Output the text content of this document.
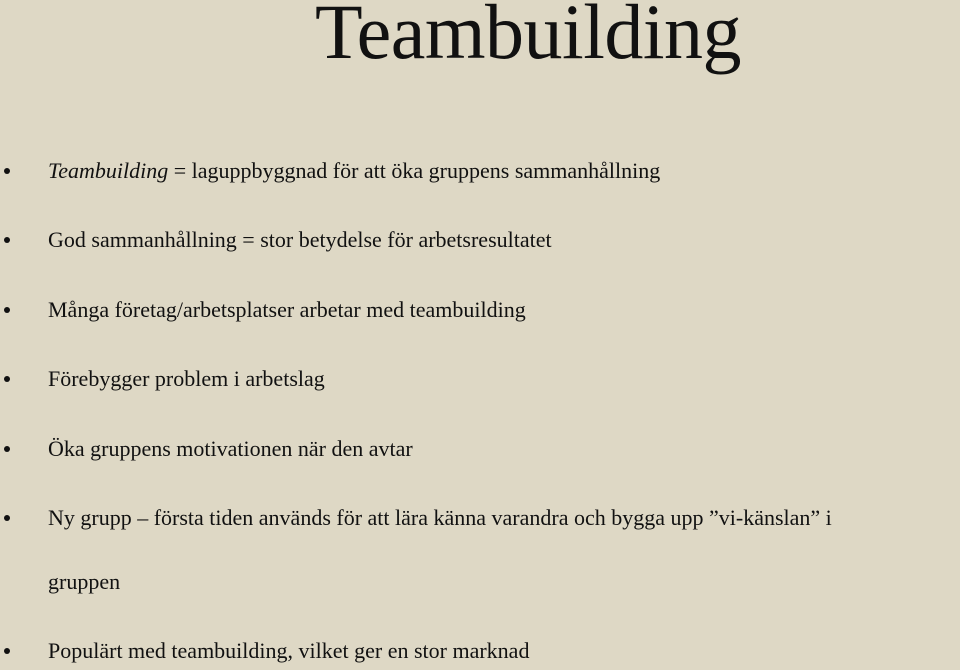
Teambuilding
Teambuilding = laguppbyggnad för att öka gruppens sammanhållning
God sammanhållning = stor betydelse för arbetsresultatet
Många företag/arbetsplatser arbetar med teambuilding
Förebygger problem i arbetslag
Öka gruppens motivationen när den avtar
Ny grupp – första tiden används för att lära känna varandra och bygga upp ”vi-känslan” i
Populärt med teambuilding, vilket ger en stor marknad
gruppen
